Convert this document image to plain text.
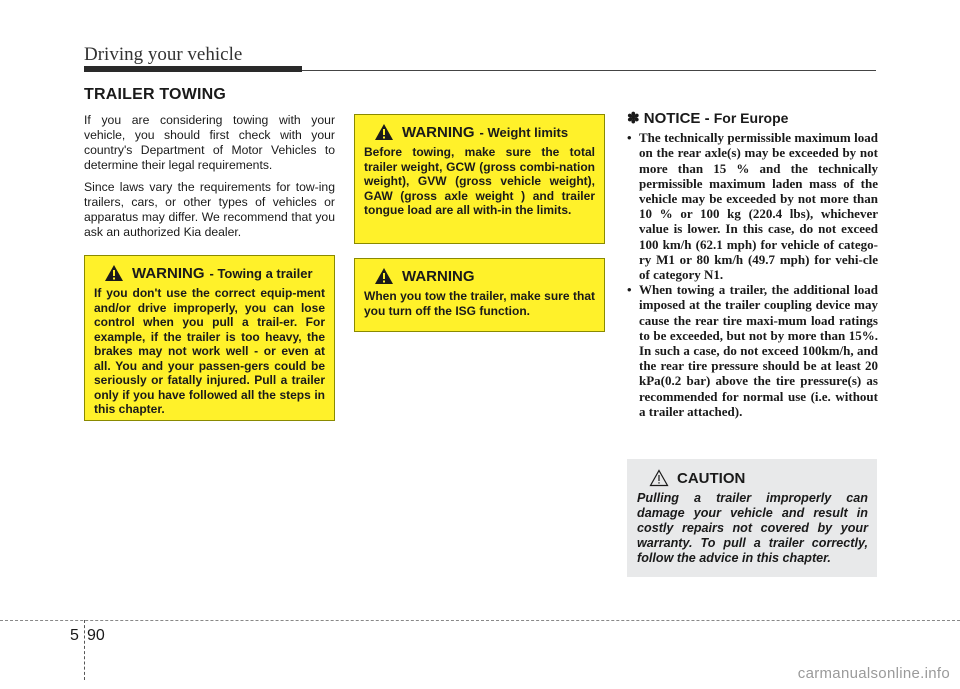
Driving your vehicle
TRAILER TOWING

If you are considering towing with your vehicle, you should first check with your country's Department of Motor Vehicles to determine their legal requirements.

Since laws vary the requirements for tow-ing trailers, cars, or other types of vehicles or apparatus may differ. We recommend that you ask an authorized Kia dealer.

WARNING - Towing a trailer
If you don't use the correct equip-ment and/or drive improperly, you can lose control when you pull a trail-er. For example, if the trailer is too heavy, the brakes may not work well - or even at all. You and your passen-gers could be seriously or fatally injured. Pull a trailer only if you have followed all the steps in this chapter.
WARNING - Weight limits
Before towing, make sure the total trailer weight, GCW (gross combi-nation weight), GVW (gross vehicle weight), GAW (gross axle weight ) and trailer tongue load are all with-in the limits.
WARNING
When you tow the trailer, make sure that you turn off the ISG function.
✽ NOTICE - For Europe
• The technically permissible maximum load on the rear axle(s) may be exceeded by not more than 15 % and the technically permissible maximum laden mass of the vehicle may be exceeded by not more than 10 % or 100 kg (220.4 lbs), whichever value is lower. In this case, do not exceed 100 km/h (62.1 mph) for vehicle of catego-ry M1 or 80 km/h (49.7 mph) for vehi-cle of category N1.
• When towing a trailer, the additional load imposed at the trailer coupling device may cause the rear tire maxi-mum load ratings to be exceeded, but not by more than 15%. In such a case, do not exceed 100km/h, and the rear tire pressure should be at least 20 kPa(0.2 bar) above the tire pressure(s) as recommended for normal use (i.e. without a trailer attached).
CAUTION
Pulling a trailer improperly can damage your vehicle and result in costly repairs not covered by your warranty. To pull a trailer correctly, follow the advice in this chapter.
5 90
carmanualsonline.info
